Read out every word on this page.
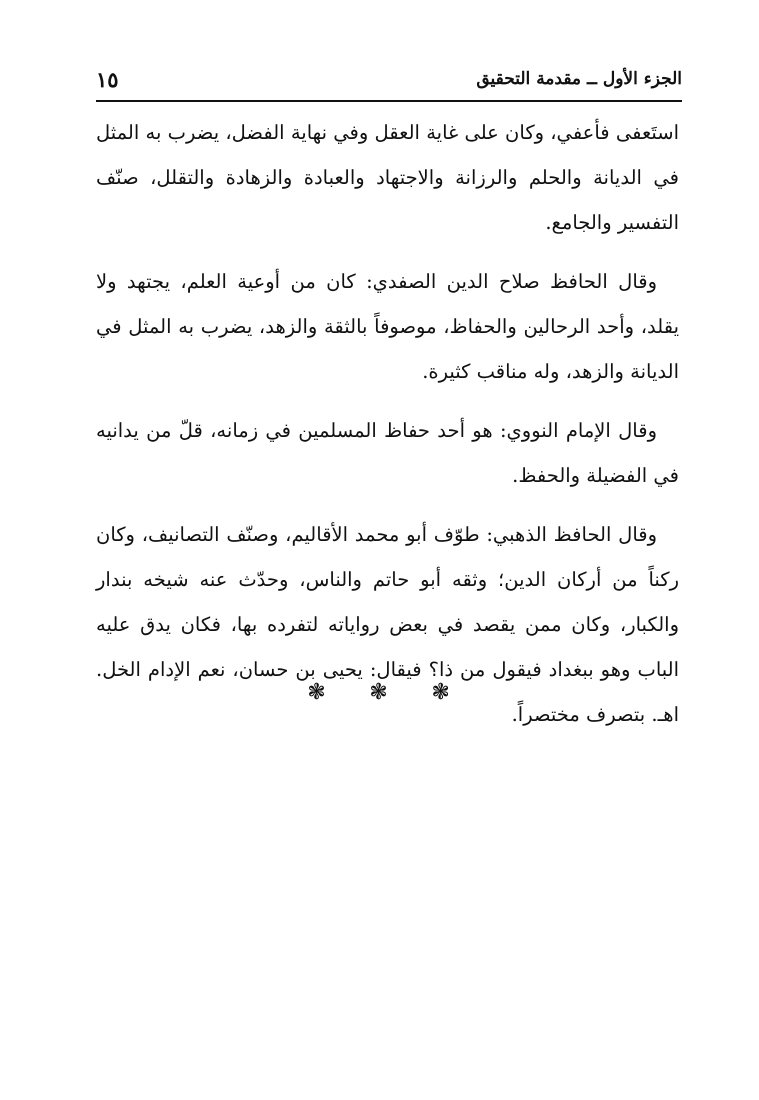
الجزء الأول ــ مقدمة التحقيق
١٥

استَعفى فأعفي، وكان على غاية العقل وفي نهاية الفضل، يضرب به المثل في الديانة والحلم والرزانة والاجتهاد والعبادة والزهادة والتقلل، صنّف التفسير والجامع.

وقال الحافظ صلاح الدين الصفدي: كان من أوعية العلم، يجتهد ولا يقلد، وأحد الرحالين والحفاظ، موصوفاً بالثقة والزهد، يضرب به المثل في الديانة والزهد، وله مناقب كثيرة.

وقال الإمام النووي: هو أحد حفاظ المسلمين في زمانه، قلّ من يدانيه في الفضيلة والحفظ.

وقال الحافظ الذهبي: طوّف أبو محمد الأقاليم، وصنّف التصانيف، وكان ركناً من أركان الدين؛ وثقه أبو حاتم والناس، وحدّث عنه شيخه بندار والكبار، وكان ممن يقصد في بعض رواياته لتفرده بها، فكان يدق عليه الباب وهو ببغداد فيقول من ذا؟ فيقال: يحيى بن حسان، نعم الإدام الخل. اهـ. بتصرف مختصراً.

❃ ❃ ❃
